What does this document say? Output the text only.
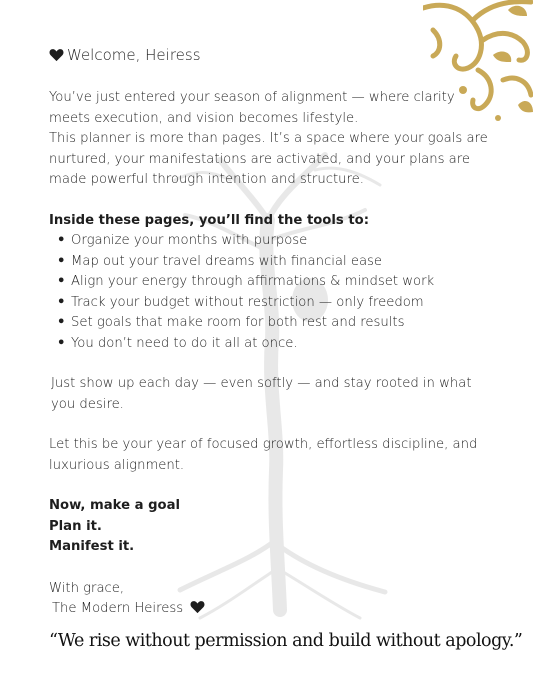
Welcome, Heiress

You’ve just entered your season of alignment — where clarity meets execution, and vision becomes lifestyle.

This planner is more than pages. It’s a space where your goals are nurtured, your manifestations are activated, and your plans are made powerful through intention and structure.

Inside these pages, you’ll find the tools to:

• Organize your months with purpose
• Map out your travel dreams with financial ease
• Align your energy through affirmations & mindset work
• Track your budget without restriction — only freedom
• Set goals that make room for both rest and results
• You don’t need to do it all at once.

Just show up each day — even softly — and stay rooted in what you desire.

Let this be your year of focused growth, effortless discipline, and luxurious alignment.

Now, make a goal

Plan it.

Manifest it.

With grace,

The Modern Heiress

“We rise without permission and build without apology.”
